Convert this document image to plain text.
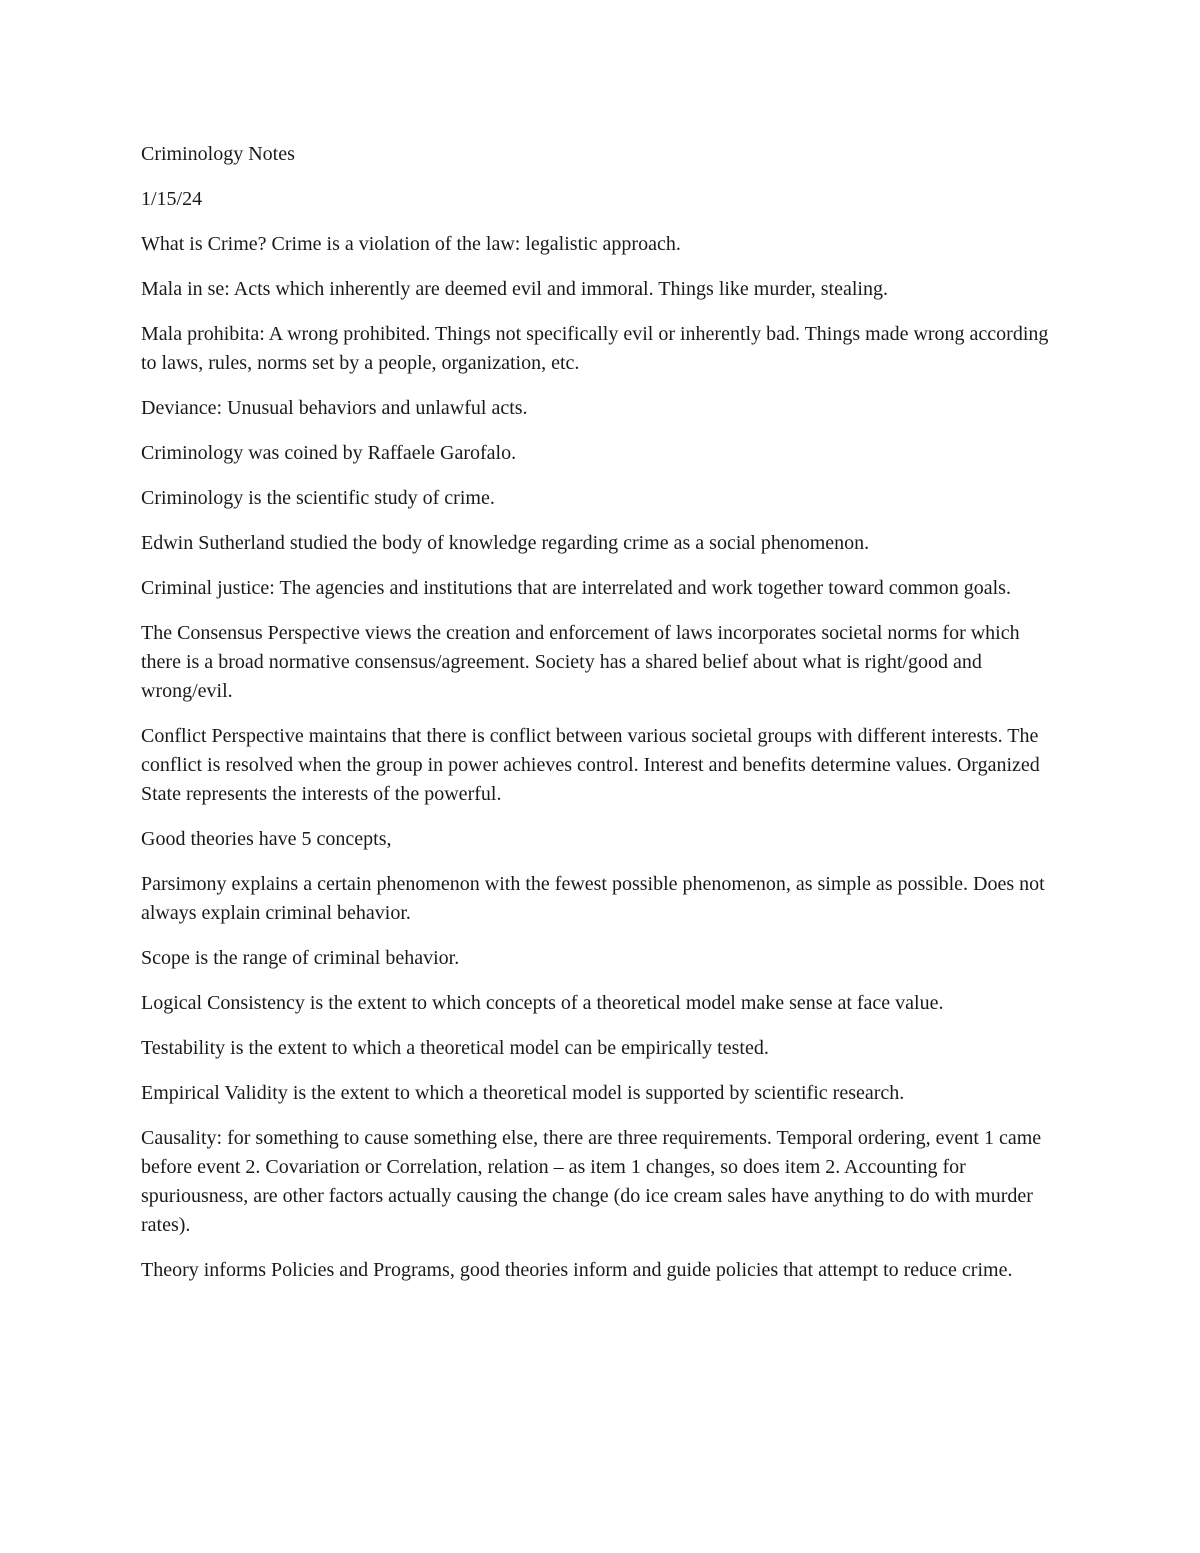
Criminology Notes

1/15/24

What is Crime? Crime is a violation of the law: legalistic approach.

Mala in se: Acts which inherently are deemed evil and immoral. Things like murder, stealing.

Mala prohibita: A wrong prohibited. Things not specifically evil or inherently bad. Things made wrong according to laws, rules, norms set by a people, organization, etc.

Deviance: Unusual behaviors and unlawful acts.

Criminology was coined by Raffaele Garofalo.

Criminology is the scientific study of crime.

Edwin Sutherland studied the body of knowledge regarding crime as a social phenomenon.

Criminal justice: The agencies and institutions that are interrelated and work together toward common goals.

The Consensus Perspective views the creation and enforcement of laws incorporates societal norms for which there is a broad normative consensus/agreement. Society has a shared belief about what is right/good and wrong/evil.

Conflict Perspective maintains that there is conflict between various societal groups with different interests. The conflict is resolved when the group in power achieves control. Interest and benefits determine values. Organized State represents the interests of the powerful.

Good theories have 5 concepts,

Parsimony explains a certain phenomenon with the fewest possible phenomenon, as simple as possible. Does not always explain criminal behavior.

Scope is the range of criminal behavior.

Logical Consistency is the extent to which concepts of a theoretical model make sense at face value.

Testability is the extent to which a theoretical model can be empirically tested.

Empirical Validity is the extent to which a theoretical model is supported by scientific research.

Causality: for something to cause something else, there are three requirements. Temporal ordering, event 1 came before event 2. Covariation or Correlation, relation – as item 1 changes, so does item 2. Accounting for spuriousness, are other factors actually causing the change (do ice cream sales have anything to do with murder rates).

Theory informs Policies and Programs, good theories inform and guide policies that attempt to reduce crime.
